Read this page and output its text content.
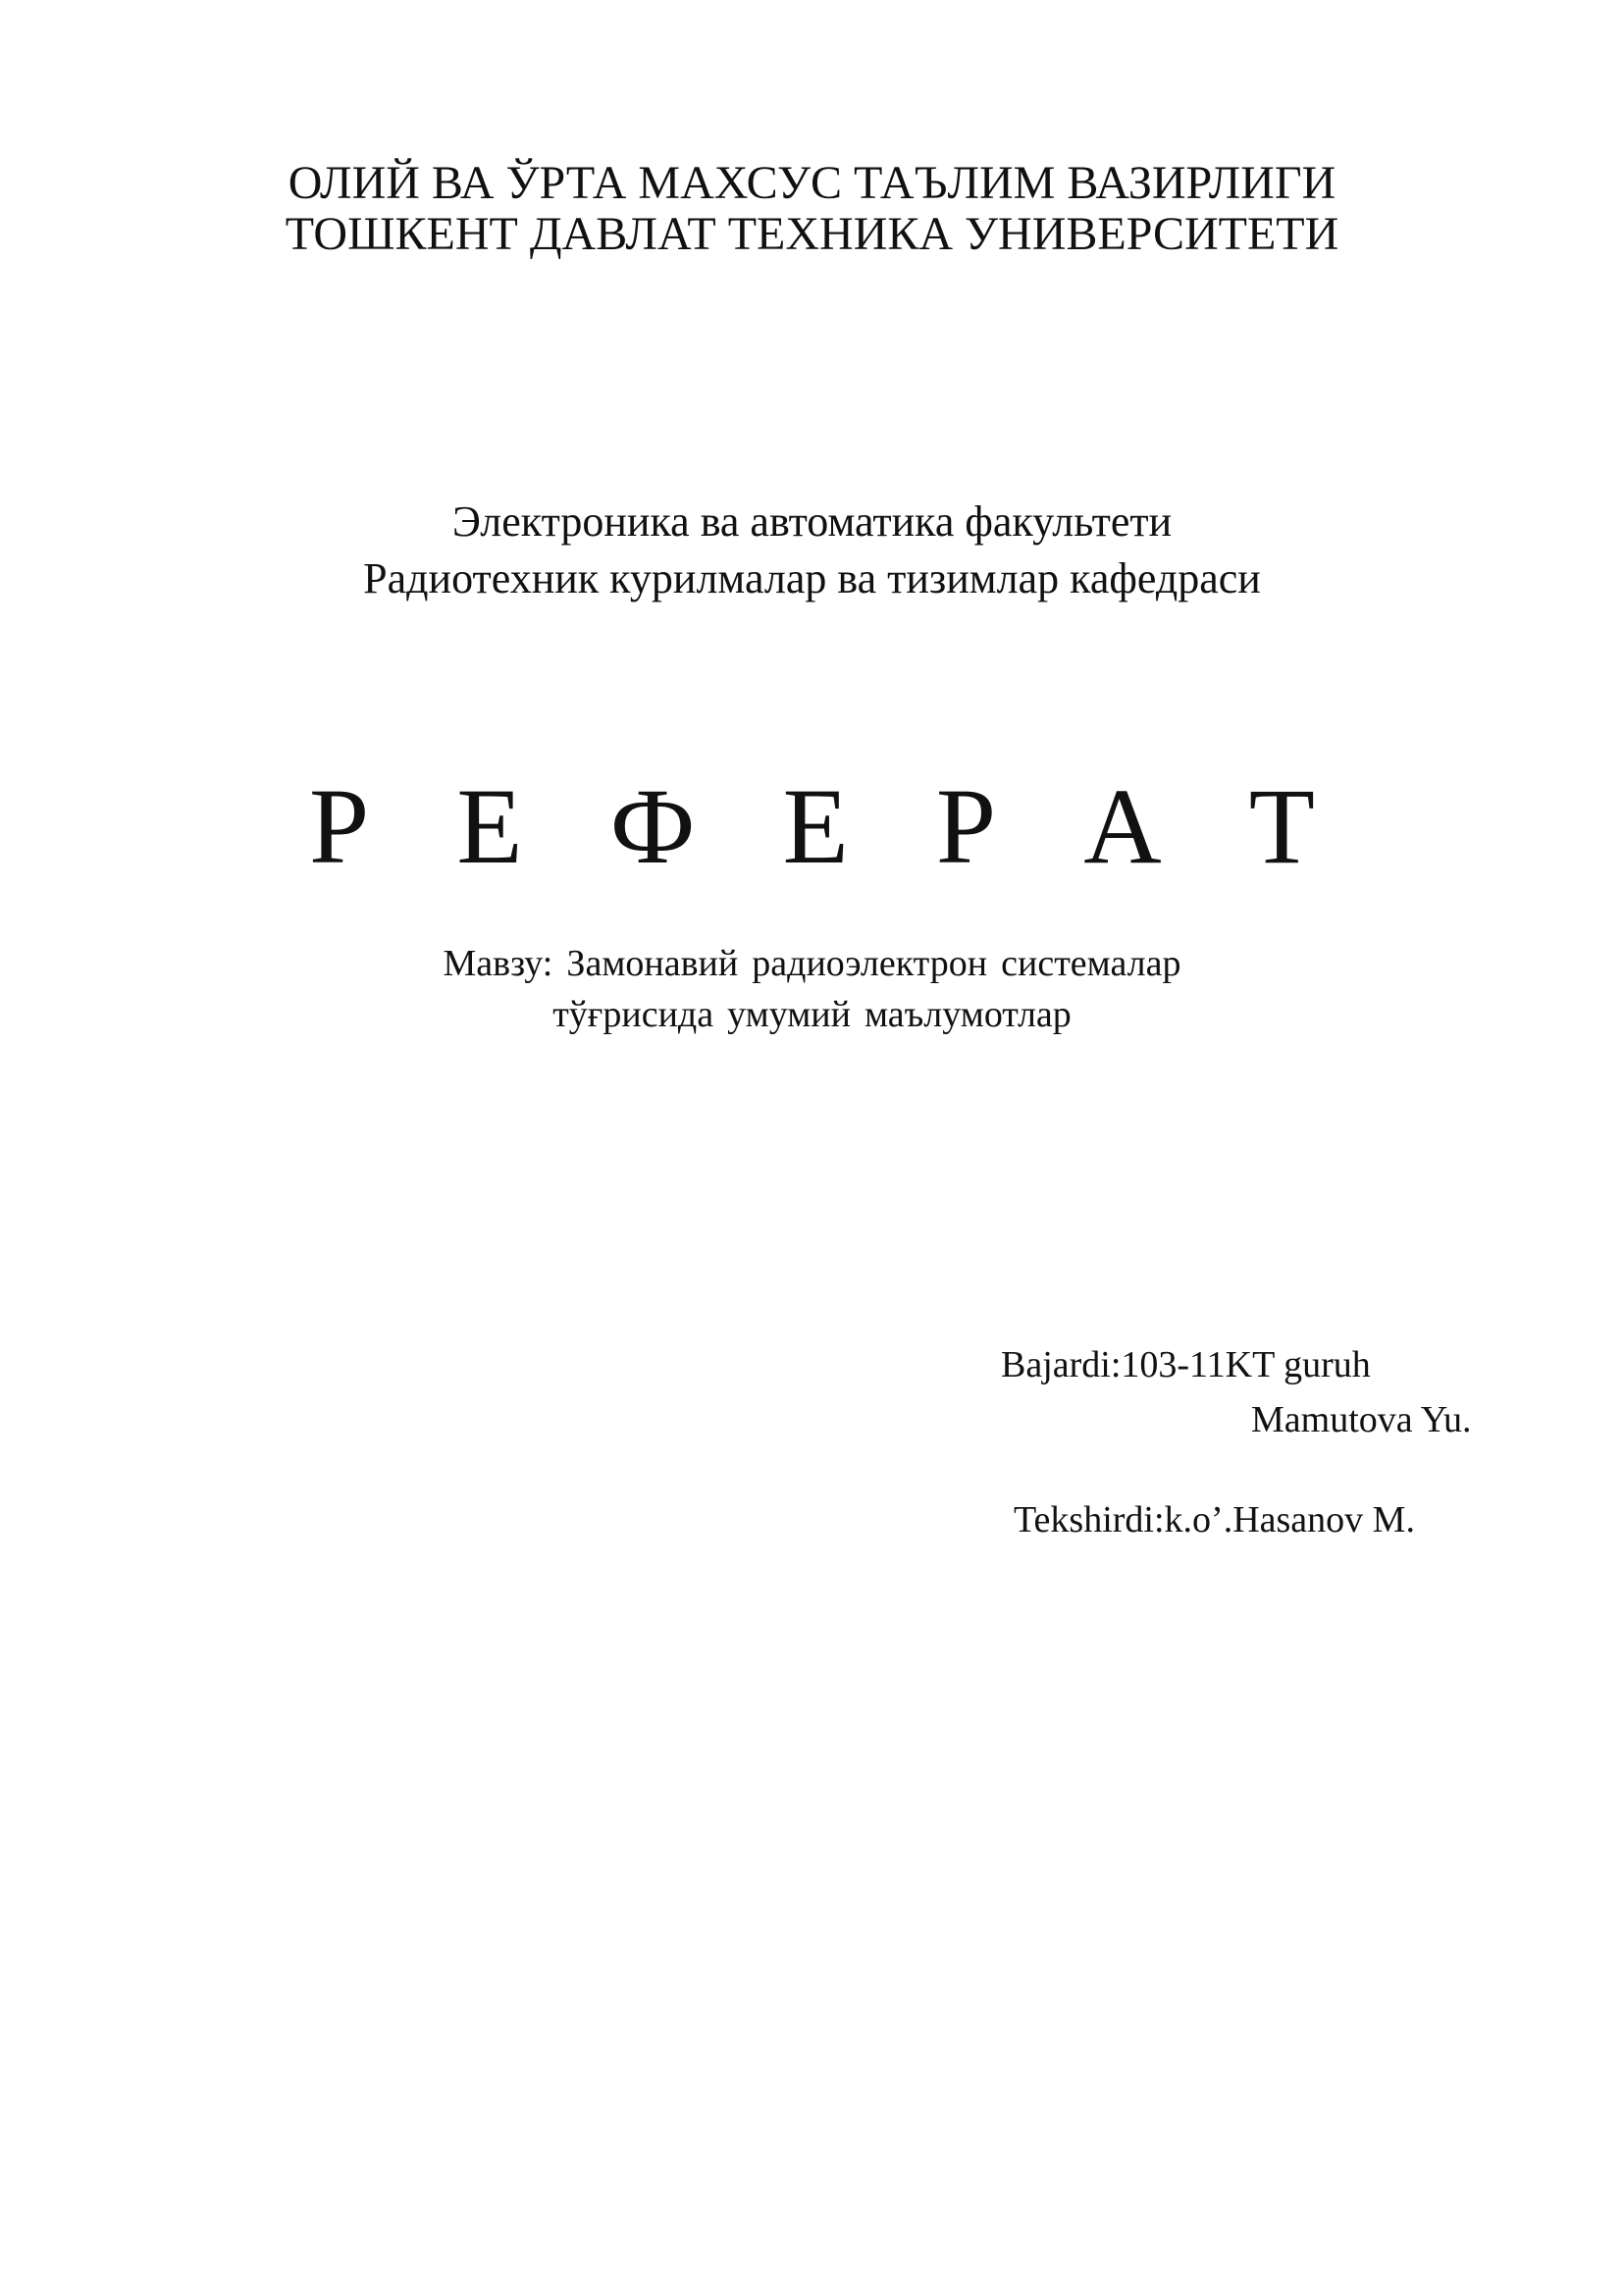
ОЛИЙ ВА ЎРТА МАХСУС ТАЪЛИМ ВАЗИРЛИГИ

ТОШКЕНТ ДАВЛАТ ТЕХНИКА УНИВЕРСИТЕТИ

Электроника ва автоматика факультети

Радиотехник курилмалар ва тизимлар кафедраси

Р Е Ф Е Р А Т

Мавзу: Замонавий радиоэлектрон системалар

тўғрисида умумий маълумотлар

Bajardi:103-11KT guruh

Mamutova Yu.

Tekshirdi:k.o’.Hasanov M.
